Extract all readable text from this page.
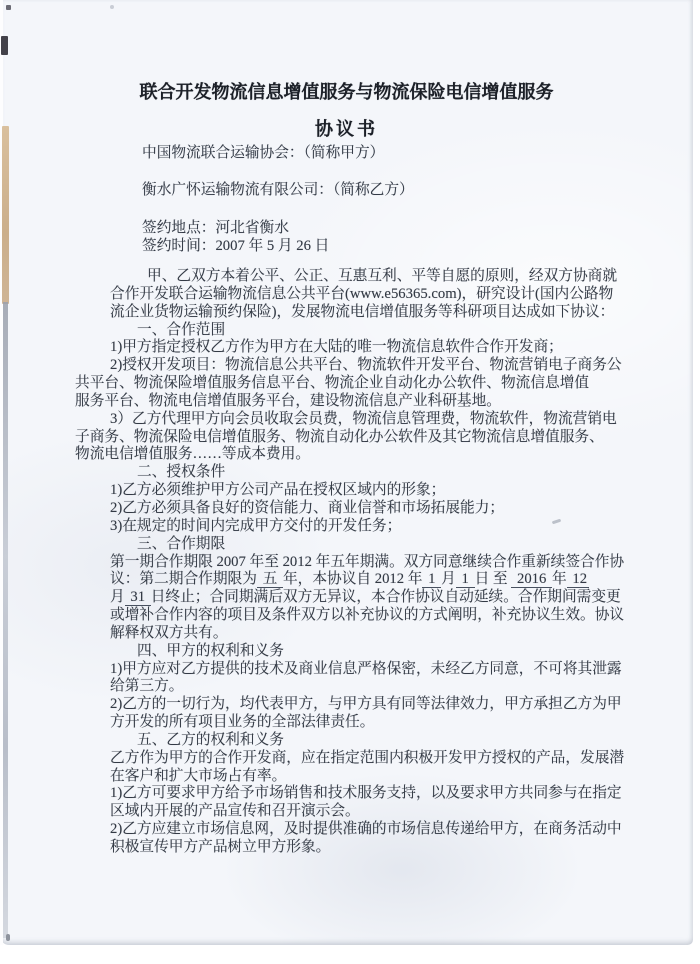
联合开发物流信息增值服务与物流保险电信增值服务
协议书
中国物流联合运输协会：（简称甲方）
衡水广怀运输物流有限公司：（简称乙方）
签约地点：河北省衡水
签约时间：2007 年 5 月 26 日
甲、乙双方本着公平、公正、互惠互利、平等自愿的原则，经双方协商就
合作开发联合运输物流信息公共平台(www.e56365.com)，研究设计(国内公路物
流企业货物运输预约保险)，发展物流电信增值服务等科研项目达成如下协议：
一、合作范围
1)甲方指定授权乙方作为甲方在大陆的唯一物流信息软件合作开发商；
2)授权开发项目：物流信息公共平台、物流软件开发平台、物流营销电子商务公
共平台、物流保险增值服务信息平台、物流企业自动化办公软件、物流信息增值
服务平台、物流电信增值服务平台，建设物流信息产业科研基地。
3）乙方代理甲方向会员收取会员费，物流信息管理费，物流软件，物流营销电
子商务、物流保险电信增值服务、物流自动化办公软件及其它物流信息增值服务、
物流电信增值服务……等成本费用。
二、授权条件
1)乙方必须维护甲方公司产品在授权区域内的形象；
2)乙方必须具备良好的资信能力、商业信誉和市场拓展能力；
3)在规定的时间内完成甲方交付的开发任务；
三、合作期限
第一期合作期限 2007 年至 2012 年五年期满。双方同意继续合作重新续签合作协
议：第二期合作期限为 五 年，本协议自 2012 年 1 月 1 日 至  2016 年 12
月 31 日终止；合同期满后双方无异议，本合作协议自动延续。合作期间需变更
或增补合作内容的项目及条件双方以补充协议的方式阐明，补充协议生效。协议
解释权双方共有。
四、甲方的权利和义务
1)甲方应对乙方提供的技术及商业信息严格保密，未经乙方同意，不可将其泄露
给第三方。
2)乙方的一切行为，均代表甲方，与甲方具有同等法律效力，甲方承担乙方为甲
方开发的所有项目业务的全部法律责任。
五、乙方的权利和义务
乙方作为甲方的合作开发商，应在指定范围内积极开发甲方授权的产品，发展潜
在客户和扩大市场占有率。
1)乙方可要求甲方给予市场销售和技术服务支持，以及要求甲方共同参与在指定
区域内开展的产品宣传和召开演示会。
2)乙方应建立市场信息网，及时提供准确的市场信息传递给甲方，在商务活动中
积极宣传甲方产品树立甲方形象。
